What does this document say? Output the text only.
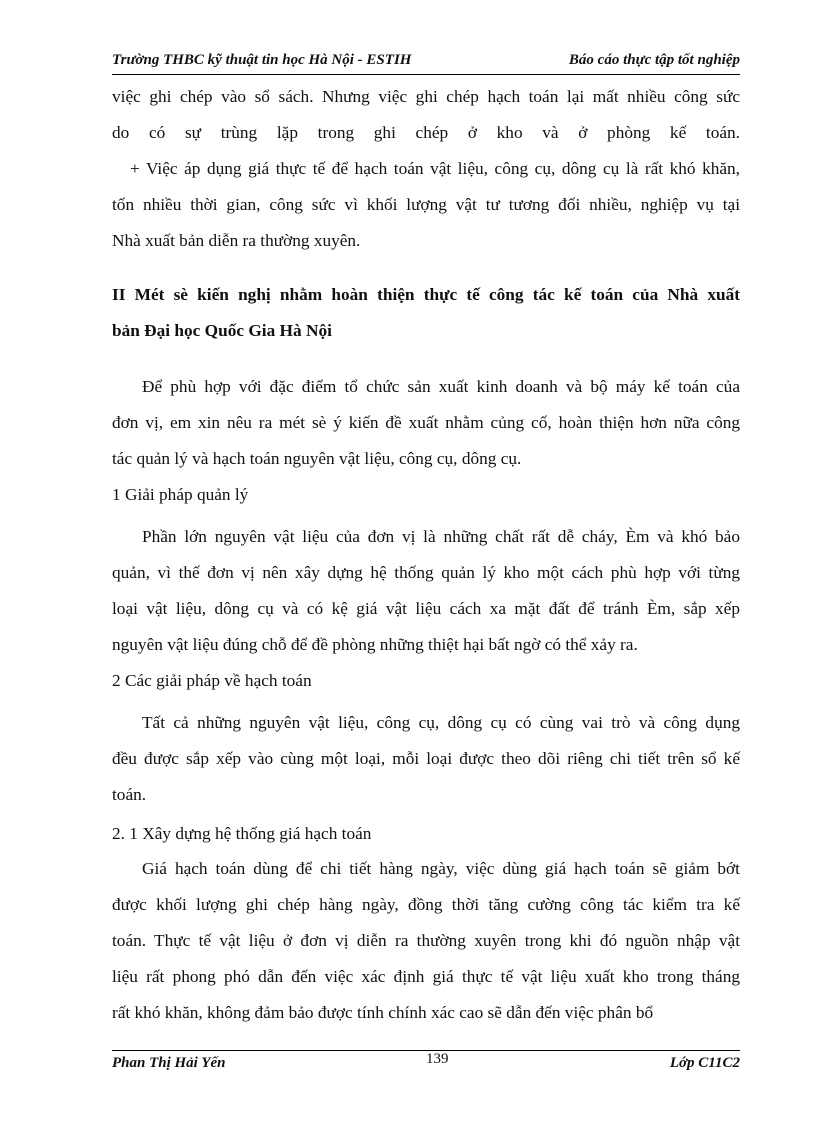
Trường THBC kỹ thuật tin học Hà Nội - ESTIH	Báo cáo thực tập tốt nghiệp
việc ghi chép vào sổ sách. Nhưng việc ghi chép hạch toán lại mất nhiều công sức
do có sự trùng lặp trong ghi chép ở kho và ở phòng kế toán.
+ Việc áp dụng giá thực tế để hạch toán vật liệu, công cụ, dông cụ là rất khó khăn,
tốn nhiều thời gian, công sức vì khối lượng vật tư tương đối nhiều, nghiệp vụ tại
Nhà xuất bản diễn ra thường xuyên.
II Mét sè kiến nghị nhằm hoàn thiện thực tế công tác kế toán của Nhà xuất
bản Đại học Quốc Gia Hà Nội
Để phù hợp với đặc điểm tổ chức sản xuất kinh doanh và bộ máy kế toán của
đơn vị, em xin nêu ra mét sè ý kiến đề xuất nhằm củng cố, hoàn thiện hơn nữa công
tác quản lý và hạch toán nguyên vật liệu, công cụ, dông cụ.
1 Giải pháp quản lý
Phần lớn nguyên vật liệu của đơn vị là những chất rất dễ cháy, Èm và khó bảo
quản, vì thế đơn vị nên xây dựng hệ thống quản lý kho một cách phù hợp với từng
loại vật liệu, dông cụ và có kệ giá vật liệu cách xa mặt đất để tránh Èm, sắp xếp
nguyên vật liệu đúng chỗ để đề phòng những thiệt hại bất ngờ có thể xảy ra.
2 Các giải pháp về hạch toán
Tất cả những nguyên vật liệu, công cụ, dông cụ có cùng vai trò và công dụng
đều được sắp xếp vào cùng một loại, mỗi loại được theo dõi riêng chi tiết trên sổ kế
toán.
2. 1 Xây dựng hệ thống giá hạch toán
Giá hạch toán dùng để chi tiết hàng ngày, việc dùng giá hạch toán sẽ giảm bớt
được khối lượng ghi chép hàng ngày, đồng thời tăng cường công tác kiểm tra kế
toán. Thực tế vật liệu ở đơn vị diễn ra thường xuyên trong khi đó nguồn nhập vật
liệu rất phong phó dẫn đến việc xác định giá thực tế vật liệu xuất kho trong tháng
rất khó khăn, không đảm bảo được tính chính xác cao sẽ dẫn đến việc phân bổ
Phan Thị Hải Yến	139	Lớp C11C2
